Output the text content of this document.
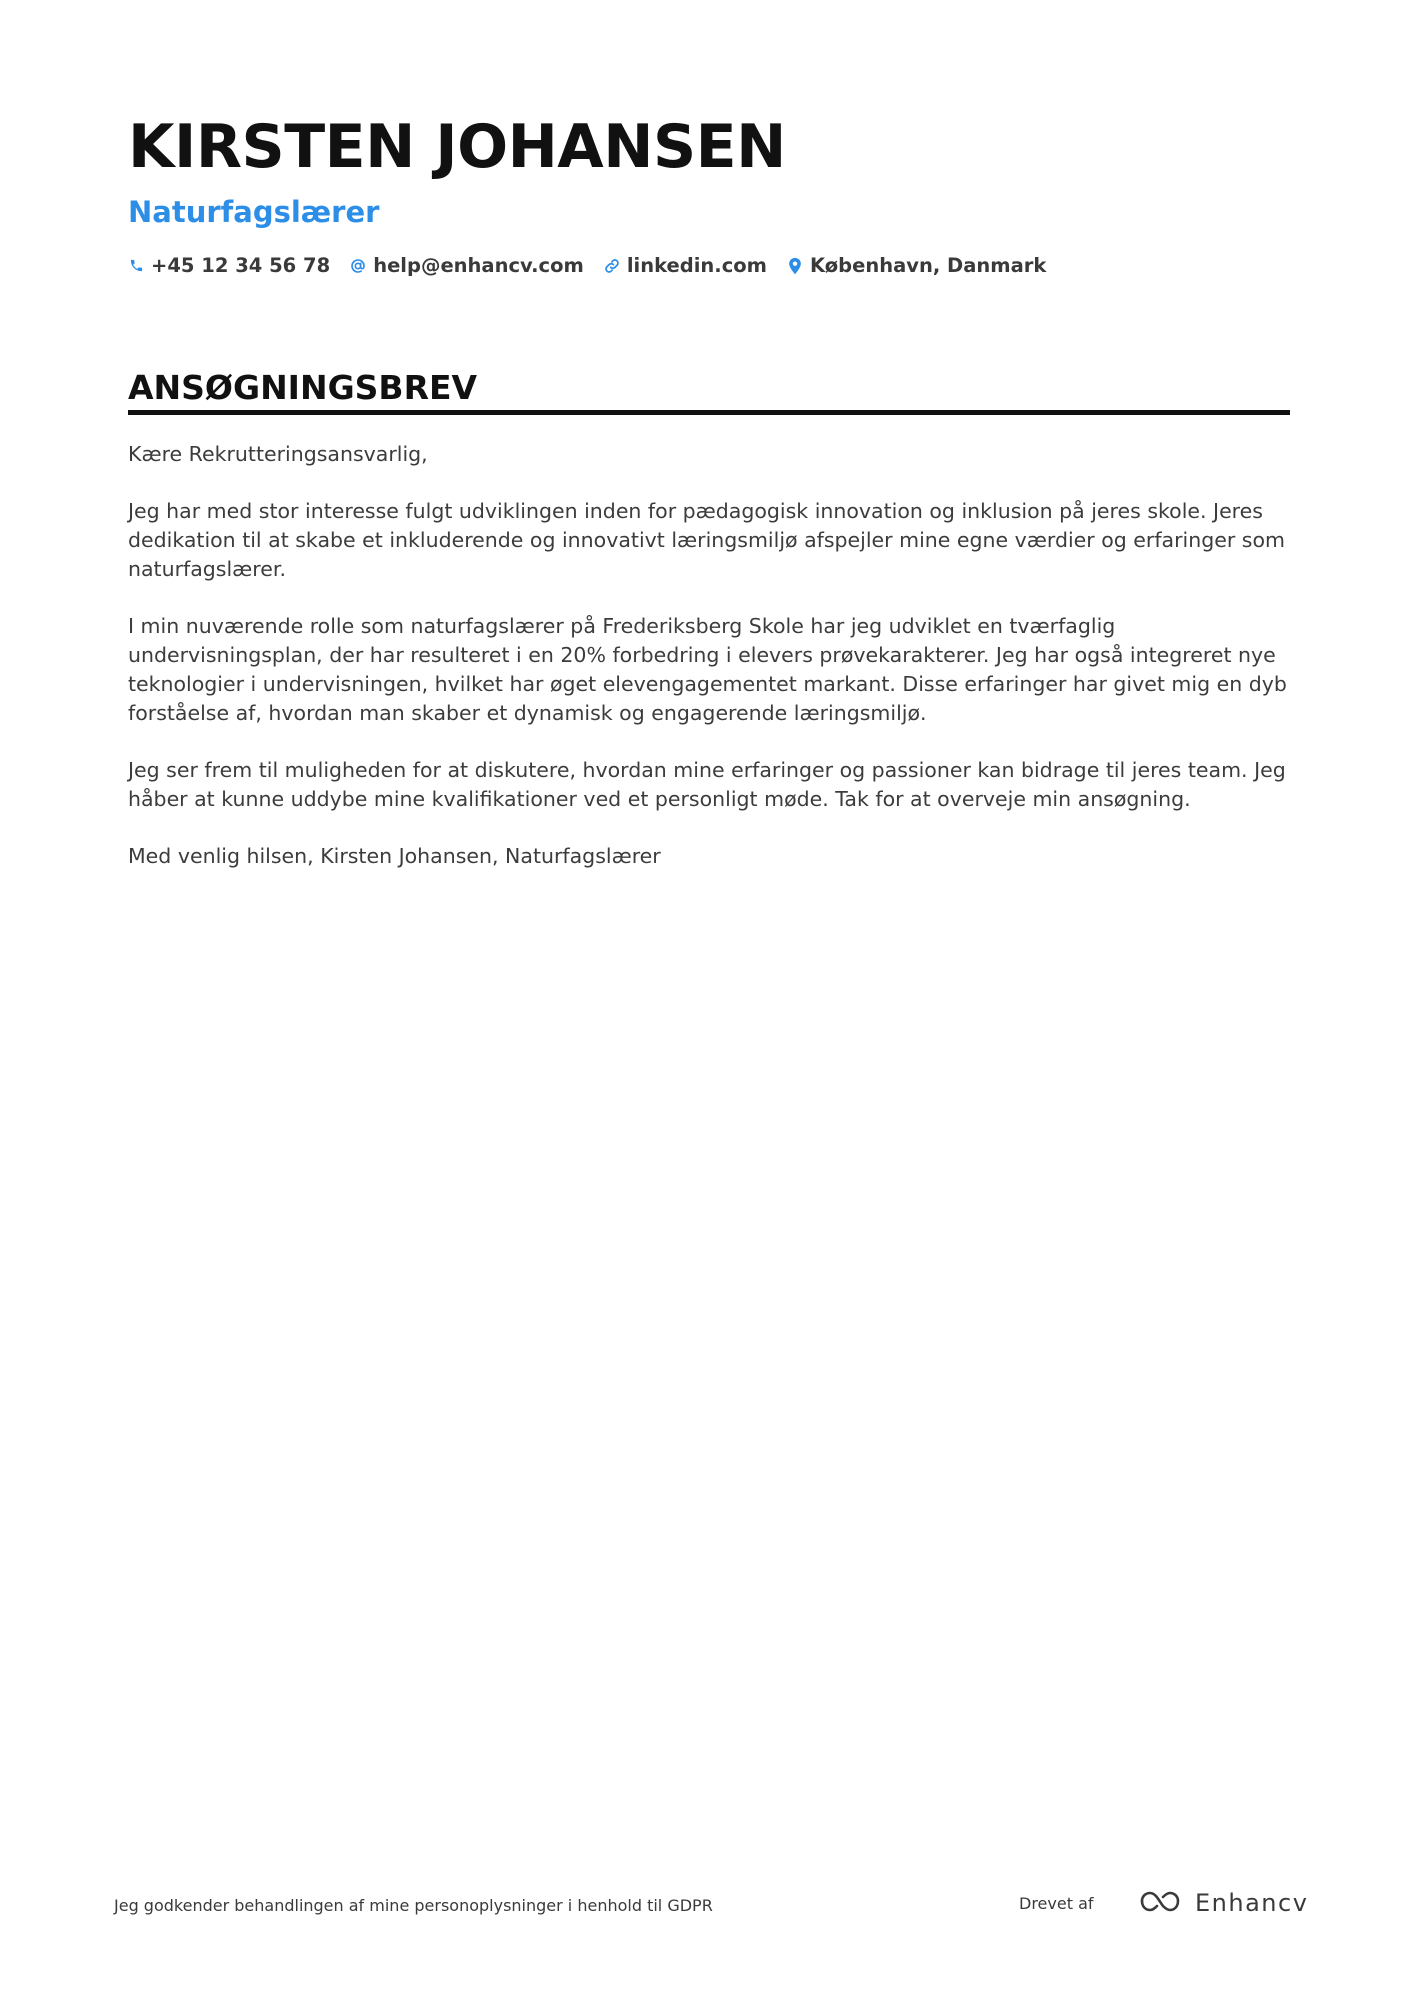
KIRSTEN JOHANSEN
Naturfagslærer
+45 12 34 56 78 help@enhancv.com linkedin.com København, Danmark
ANSØGNINGSBREV

Kære Rekrutteringsansvarlig,

Jeg har med stor interesse fulgt udviklingen inden for pædagogisk innovation og inklusion på jeres skole. Jeres dedikation til at skabe et inkluderende og innovativt læringsmiljø afspejler mine egne værdier og erfaringer som naturfagslærer.

I min nuværende rolle som naturfagslærer på Frederiksberg Skole har jeg udviklet en tværfaglig undervisningsplan, der har resulteret i en 20% forbedring i elevers prøvekarakterer. Jeg har også integreret nye teknologier i undervisningen, hvilket har øget elevengagementet markant. Disse erfaringer har givet mig en dyb forståelse af, hvordan man skaber et dynamisk og engagerende læringsmiljø.

Jeg ser frem til muligheden for at diskutere, hvordan mine erfaringer og passioner kan bidrage til jeres team. Jeg håber at kunne uddybe mine kvalifikationer ved et personligt møde. Tak for at overveje min ansøgning.

Med venlig hilsen, Kirsten Johansen, Naturfagslærer

Jeg godkender behandlingen af mine personoplysninger i henhold til GDPR	Drevet af	Enhancv
